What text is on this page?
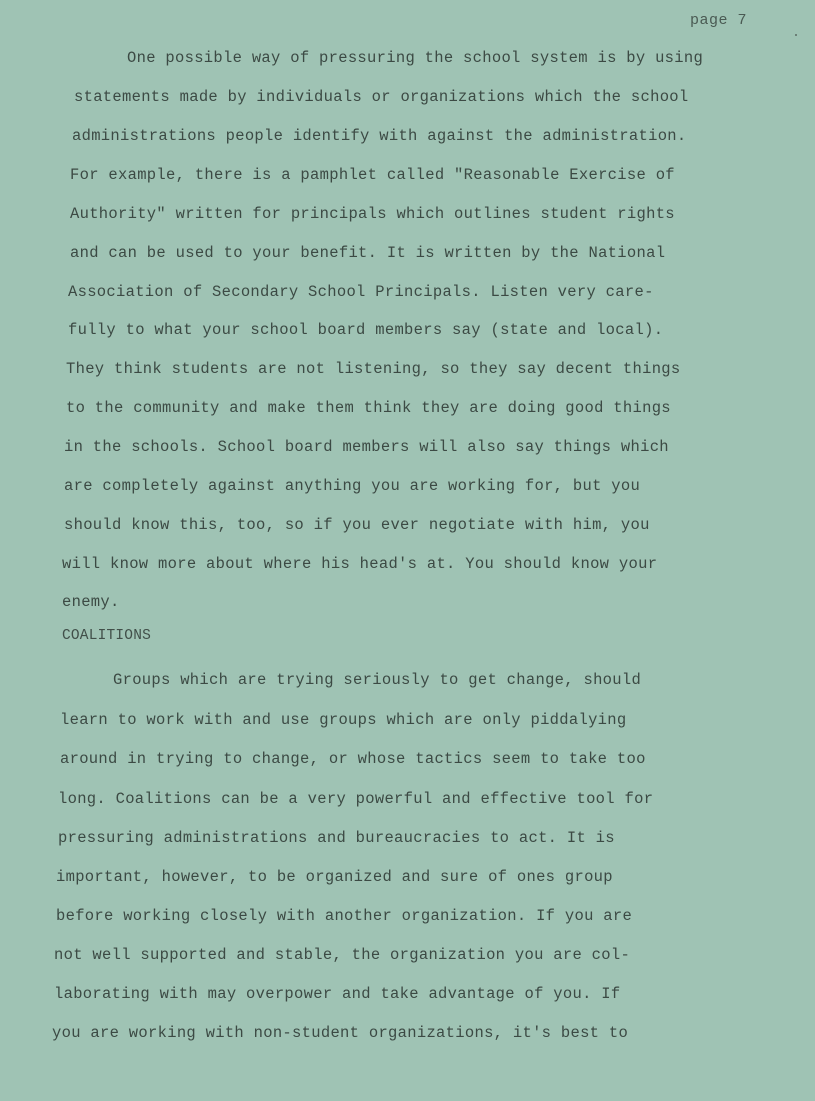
page 7
One possible way of pressuring the school system is by using
statements made by individuals or organizations which the school
administrations people identify with against the administration.
For example, there is a pamphlet called "Reasonable Exercise of
Authority" written for principals which outlines student rights
and can be used to your benefit. It is written by the National
Association of Secondary School Principals. Listen very care-
fully to what your school board members say (state and local).
They think students are not listening, so they say decent things
to the community and make them think they are doing good things
in the schools. School board members will also say things which
are completely against anything you are working for, but you
should know this, too, so if you ever negotiate with him, you
will know more about where his head's at. You should know your
enemy.
COALITIONS
Groups which are trying seriously to get change, should
learn to work with and use groups which are only piddalying
around in trying to change, or whose tactics seem to take too
long. Coalitions can be a very powerful and effective tool for
pressuring administrations and bureaucracies to act. It is
important, however, to be organized and sure of ones group
before working closely with another organization. If you are
not well supported and stable, the organization you are col-
laborating with may overpower and take advantage of you. If
you are working with non-student organizations, it's best to
